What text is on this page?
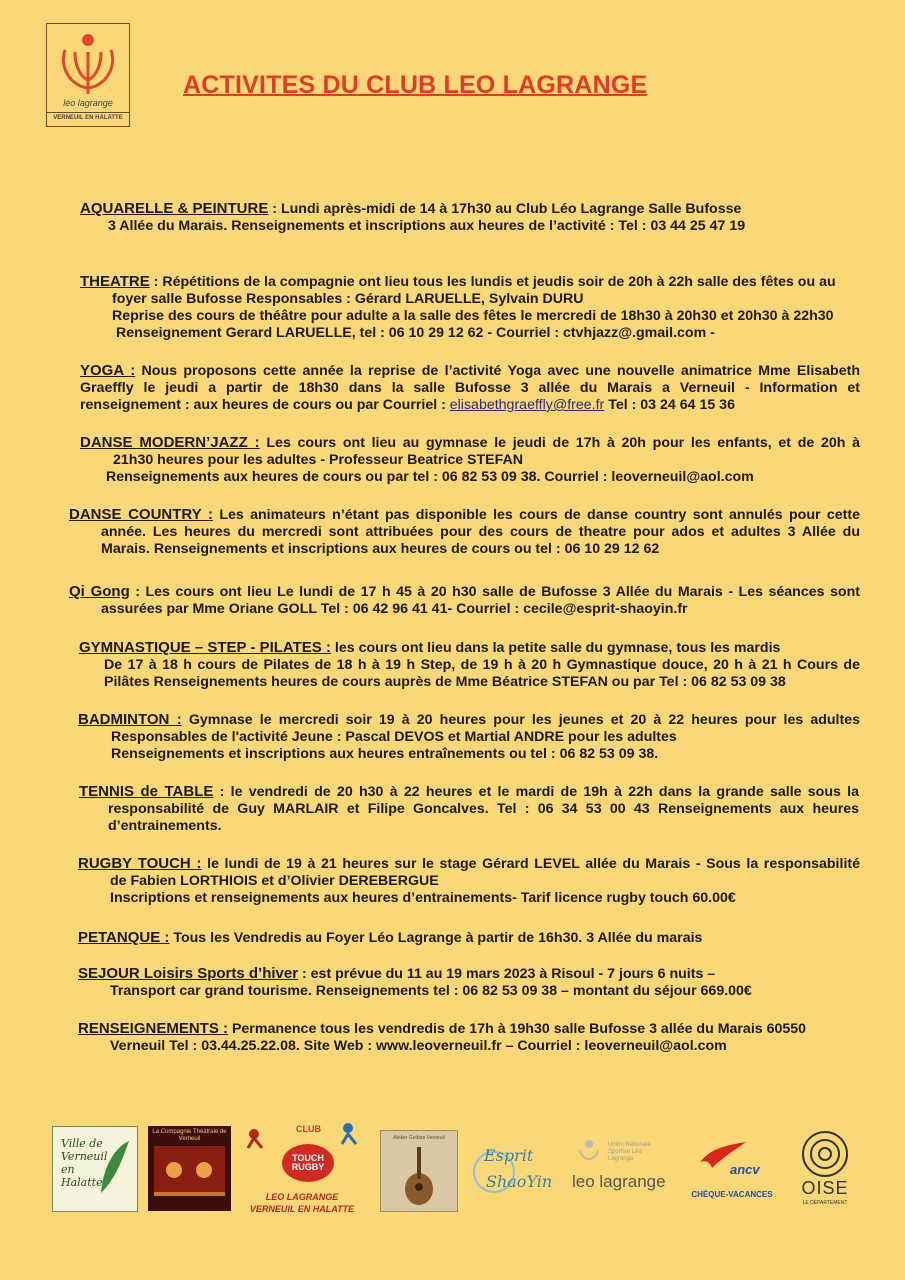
léo lagrange
VERNEUIL EN HALATTE
ACTIVITES DU CLUB LEO LAGRANGE
AQUARELLE & PEINTURE : Lundi après-midi de 14 à 17h30 au Club Léo Lagrange Salle Bufosse
3 Allée du Marais. Renseignements et inscriptions aux heures de l’activité : Tel : 03 44 25 47 19
THEATRE : Répétitions de la compagnie ont lieu tous les lundis et jeudis soir de 20h à 22h salle des fêtes ou au
foyer salle Bufosse Responsables : Gérard LARUELLE, Sylvain DURU
Reprise des cours de théâtre pour adulte a la salle des fêtes le mercredi de 18h30 à 20h30 et 20h30 à 22h30
Renseignement Gerard LARUELLE, tel : 06 10 29 12 62 - Courriel : ctvhjazz@.gmail.com -
YOGA : Nous proposons cette année la reprise de l’activité Yoga avec une nouvelle animatrice Mme Elisabeth
Graeffly le jeudi a partir de 18h30 dans la salle Bufosse 3 allée du Marais a Verneuil - Information et
renseignement : aux heures de cours ou par Courriel : elisabethgraeffly@free.fr Tel : 03 24 64 15 36
DANSE MODERN’JAZZ : Les cours ont lieu au gymnase le jeudi de 17h à 20h pour les enfants, et de 20h à
21h30 heures pour les adultes - Professeur Beatrice STEFAN
Renseignements aux heures de cours ou par tel : 06 82 53 09 38. Courriel : leoverneuil@aol.com
DANSE COUNTRY : Les animateurs n’étant pas disponible les cours de danse country sont annulés pour cette
année. Les heures du mercredi sont attribuées pour des cours de theatre pour ados et adultes 3 Allée du
Marais. Renseignements et inscriptions aux heures de cours ou tel : 06 10 29 12 62
Qi Gong : Les cours ont lieu Le lundi de 17 h 45 à 20 h30 salle de Bufosse 3 Allée du Marais - Les séances sont
assurées par Mme Oriane GOLL Tel : 06 42 96 41 41- Courriel : cecile@esprit-shaoyin.fr
GYMNASTIQUE – STEP - PILATES : les cours ont lieu dans la petite salle du gymnase, tous les mardis
De 17 à 18 h cours de Pilates de 18 h à 19 h Step, de 19 h à 20 h Gymnastique douce, 20 h à 21 h Cours de
Pilâtes Renseignements heures de cours auprès de Mme Béatrice STEFAN ou par Tel : 06 82 53 09 38
BADMINTON : Gymnase le mercredi soir 19 à 20 heures pour les jeunes et 20 à 22 heures pour les adultes
Responsables de l'activité Jeune : Pascal DEVOS et Martial ANDRE pour les adultes
Renseignements et inscriptions aux heures entraînements ou tel : 06 82 53 09 38.
TENNIS de TABLE : le vendredi de 20 h30 à 22 heures et le mardi de 19h à 22h dans la grande salle sous la
responsabilité de Guy MARLAIR et Filipe Goncalves. Tel : 06 34 53 00 43 Renseignements aux heures
d’entrainements.
RUGBY TOUCH : le lundi de 19 à 21 heures sur le stage Gérard LEVEL allée du Marais - Sous la responsabilité
de Fabien LORTHIOIS et d’Olivier DEREBERGUE
Inscriptions et renseignements aux heures d’entrainements- Tarif licence rugby touch 60.00€
PETANQUE : Tous les Vendredis au Foyer Léo Lagrange à partir de 16h30. 3 Allée du marais
SEJOUR Loisirs Sports d’hiver : est prévue du 11 au 19 mars 2023 à Risoul - 7 jours 6 nuits –
Transport car grand tourisme. Renseignements tel : 06 82 53 09 38 – montant du séjour 669.00€
RENSEIGNEMENTS : Permanence tous les vendredis de 17h à 19h30 salle Bufosse 3 allée du Marais 60550
Verneuil Tel : 03.44.25.22.08. Site Web : www.leoverneuil.fr – Courriel : leoverneuil@aol.com
Ville de Verneuil en Halatte
La Compagnie Théâtrale de Verneuil
CLUB
TOUCH RUGBY
LEO LAGRANGE
VERNEUIL EN HALATTE
Atelier Guitare Verneuil
Esprit
ShaoYin
Union Nationale Sportive Léo Lagrange
leo lagrange
ancv
CHÈQUE-VACANCES	OISE
LE DÉPARTEMENT
